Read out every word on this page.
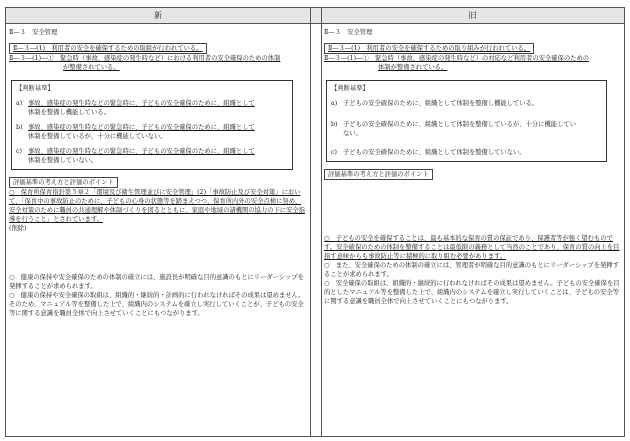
新	旧

Ⅱ―３　安全管理

Ⅱ―３―(1)　利用者の安全を確保するための取組が行われている。

Ⅱ―３―(1)―①　緊急時（事故、感染症の発生時など）における利用者の安全確保のための体制

が整備されている。

【判断基準】
a) 事故、感染症の発生時などの緊急時に、子どもの安全確保のために、組織として
体制を整備し機能している。
b) 事故、感染症の発生時などの緊急時に、子どもの安全確保のために、組織として
体制を整備しているが、十分に機能していない。
c) 事故、感染症の発生時などの緊急時に、子どもの安全確保のために、組織として
体制を整備していない。
評価基準の考え方と評価のポイント

○　保育所保育指針第５章２「環境及び衛生管理並びに安全管理」(2)「事故防止及び安全対策」において、「保育中の事故防止のために、子どもの心身の状態等を踏まえつつ、保育所内外の安全点検に努め、安全対策のために職員の共通理解や体制づくりを図るとともに、家庭や地域の諸機関の協力の下に安全指導を行うこと」とされています。

(削除)

○　健康の保持や安全確保のための体制の確立には、施設長が明確な目的意識のもとにリーダーシップを発揮することが求められます。

○　健康の保持や安全確保の取組は、組織的・継続的・計画的に行われなければその成果は望めません。そのため、マニュアル等を整備した上で、組織内のシステムを確立し実行していくことが、子どもの安全等に関する意識を職員全体で向上させていくことにもつながります。

Ⅱ―３　安全管理

Ⅱ―３―(1)　利用者の安全を確保するための取り組みが行われている。

Ⅱ―３―(1)―①　緊急時（事故、感染症の発生時など）の対応など利用者の安全確保のための

体制が整備されている。

【判断基準】
a) 子どもの安全確保のために、組織として体制を整備し機能している。
b) 子どもの安全確保のために、組織として体制を整備しているが、十分に機能してい
ない。
c) 子どもの安全確保のために、組織として体制を整備していない。
評価基準の考え方と評価のポイント

○　子どもの安全を確保することは、最も基本的な保育の質の保証であり、保護者等が強く望むものです。安全確保のための体制を整備することは最低限の義務として当然のことであり、保育の質の向上を目指す意味からも事故防止等に積極的に取り組む必要があります。

○　また、安全確保のための体制の確立には、管理者が明確な目的意識のもとにリーダーシップを発揮することが求められます。

○　安全確保の取組は、組織的・継続的に行われなければその成果は望めません。子どもの安全確保を目的としたマニュアル等を整備した上で、組織内のシステムを確立し実行していくことは、子どもの安全等に関する意識を職員全体で向上させていくことにもつながります。
